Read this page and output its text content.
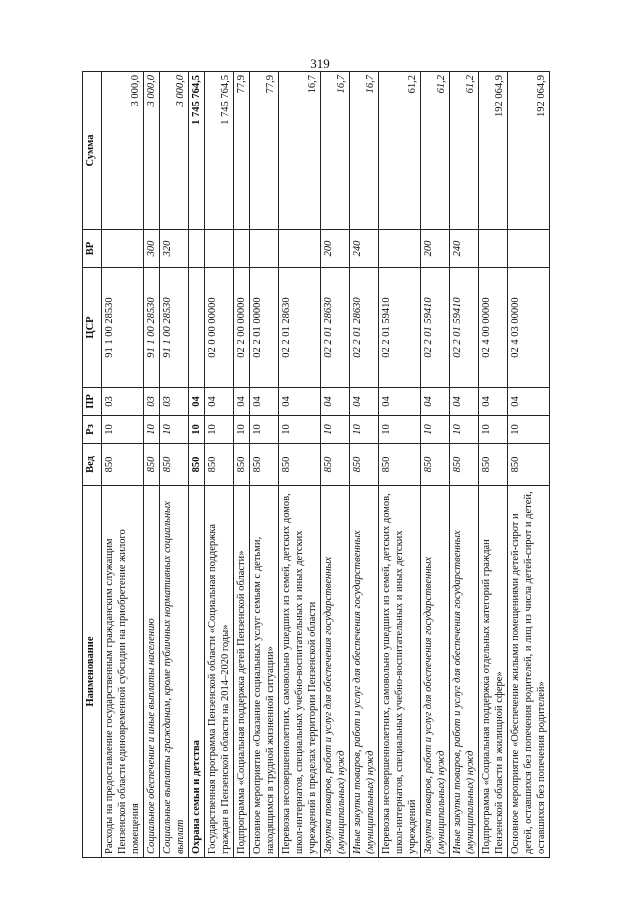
319
Наименование	Вед	Рз	ПР	ЦСР	ВР	Сумма
Расходы на предоставление государственным гражданским служащим Пензенской области единовременной субсидии на приобретение жилого помещения	850	10	03	91 1 00 28530		3 000,0
Социальное обеспечение и иные выплаты населению	850	10	03	91 1 00 28530	300	3 000,0
Социальные выплаты гражданам, кроме публичных нормативных социальных выплат	850	10	03	91 1 00 28530	320	3 000,0
Охрана семьи и детства	850	10	04			1 745 764,5
Государственная программа Пензенской области «Социальная поддержка граждан в Пензенской области на 2014–2020 годы»	850	10	04	02 0 00 00000		1 745 764,5
Подпрограмма «Социальная поддержка детей Пензенской области»	850	10	04	02 2 00 00000		77,9
Основное мероприятие «Оказание социальных услуг семьям с детьми, находящимся в трудной жизненной ситуации»	850	10	04	02 2 01 00000		77,9
Перевозка несовершеннолетних, самовольно ушедших из семей, детских домов, школ-интернатов, специальных учебно-воспитательных и иных детских учреждений в пределах территории Пензенской области	850	10	04	02 2 01 28630		16,7
Закупка товаров, работ и услуг для обеспечения государственных (муниципальных) нужд	850	10	04	02 2 01 28630	200	16,7
Иные закупки товаров, работ и услуг для обеспечения государственных (муниципальных) нужд	850	10	04	02 2 01 28630	240	16,7
Перевозка несовершеннолетних, самовольно ушедших из семей, детских домов, школ-интернатов, специальных учебно-воспитательных и иных детских учреждений	850	10	04	02 2 01 59410		61,2
Закупка товаров, работ и услуг для обеспечения государственных (муниципальных) нужд	850	10	04	02 2 01 59410	200	61,2
Иные закупки товаров, работ и услуг для обеспечения государственных (муниципальных) нужд	850	10	04	02 2 01 59410	240	61,2
Подпрограмма «Социальная поддержка отдельных категорий граждан Пензенской области в жилищной сфере»	850	10	04	02 4 00 00000		192 064,9
Основное мероприятие «Обеспечение жилыми помещениями детей-сирот и детей, оставшихся без попечения родителей, и лиц из числа детей-сирот и детей, оставшихся без попечения родителей»	850	10	04	02 4 03 00000		192 064,9
